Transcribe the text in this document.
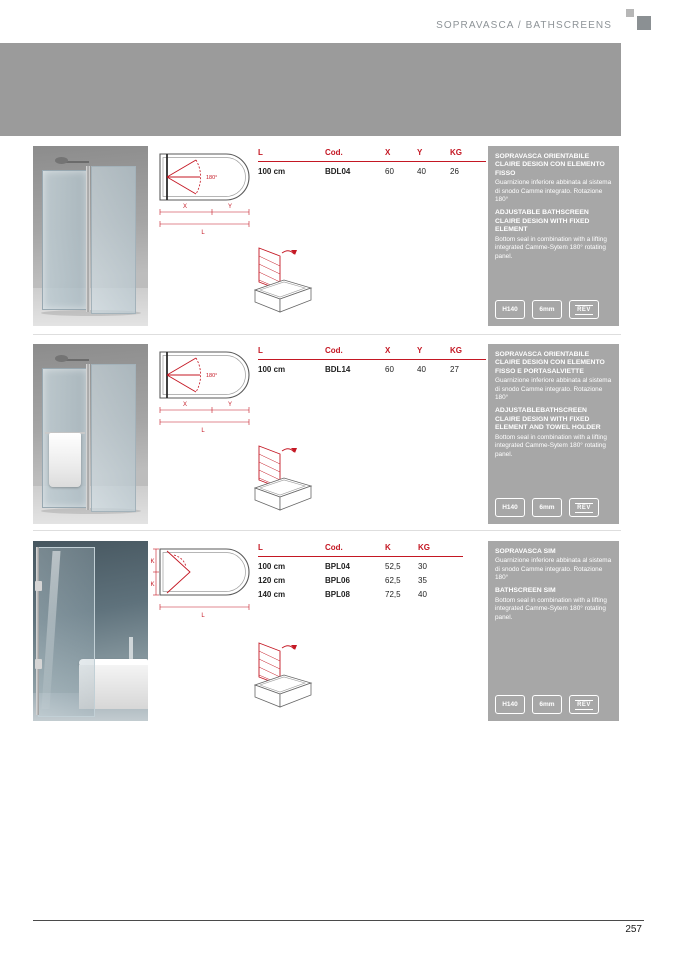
SOPRAVASCA / BATHSCREENS
180°
X	Y
L
L	Cod.	X	Y	KG
100 cm	BDL04	60	40	26

SOPRAVASCA ORIENTABILE CLAIRE DESIGN CON ELEMENTO FISSO

Guarnizione inferiore abbinata al sistema di snodo Camme integrato. Rotazione 180°

ADJUSTABLE BATHSCREEN CLAIRE DESIGN WITH FIXED ELEMENT

Bottom seal in combination with a lifting integrated Camme-Sytem 180° rotating panel.

H140	6mm	REV
180°
X	Y
L
L	Cod.	X	Y	KG
100 cm	BDL14	60	40	27

SOPRAVASCA ORIENTABILE CLAIRE DESIGN CON ELEMENTO FISSO E PORTASALVIETTE

Guarnizione inferiore abbinata al sistema di snodo Camme integrato. Rotazione 180°

ADJUSTABLEBATHSCREEN CLAIRE DESIGN WITH FIXED ELEMENT AND TOWEL HOLDER

Bottom seal in combination with a lifting integrated Camme-Sytem 180° rotating panel.

H140	6mm	REV
K
K
L
L	Cod.	K	KG
100 cm	BPL04	52,5	30
120 cm	BPL06	62,5	35
140 cm	BPL08	72,5	40

SOPRAVASCA SIM

Guarnizione inferiore abbinata al sistema di snodo Camme integrato. Rotazione 180°

BATHSCREEN SIM

Bottom seal in combination with a lifting integrated Camme-Sytem 180° rotating panel.

H140	6mm	REV
257
